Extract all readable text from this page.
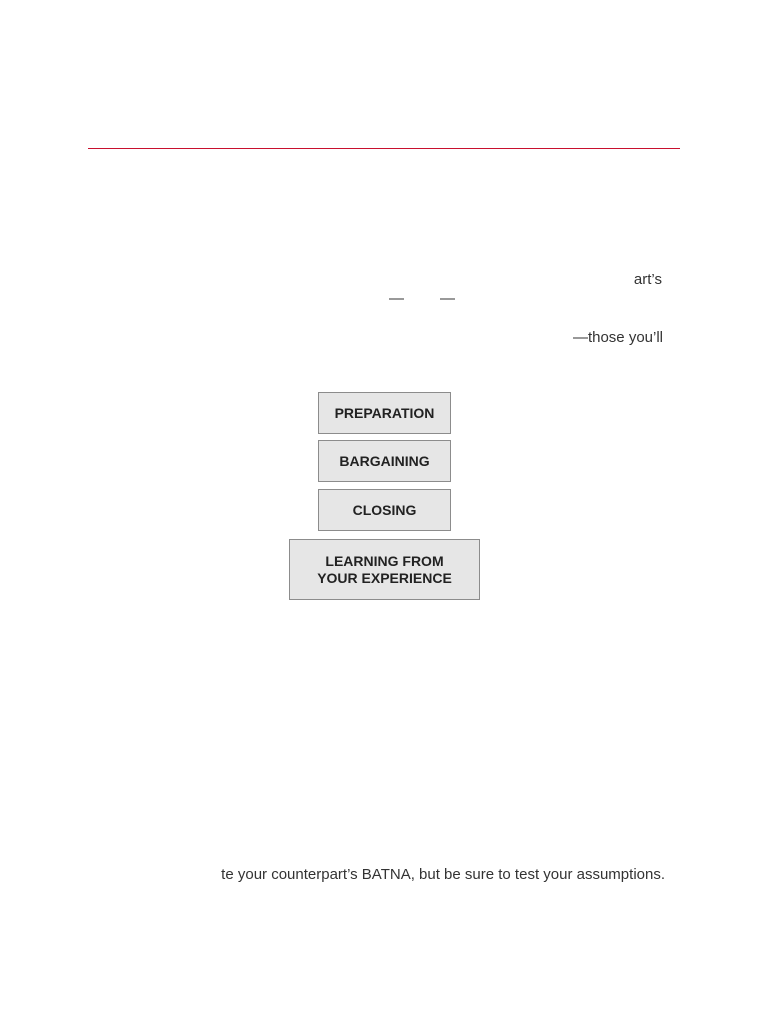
art’s
— —
—those you’ll
PREPARATION
BARGAINING
CLOSING
LEARNING FROM
YOUR EXPERIENCE
te your counterpart’s BATNA, but be sure to test your assumptions.
